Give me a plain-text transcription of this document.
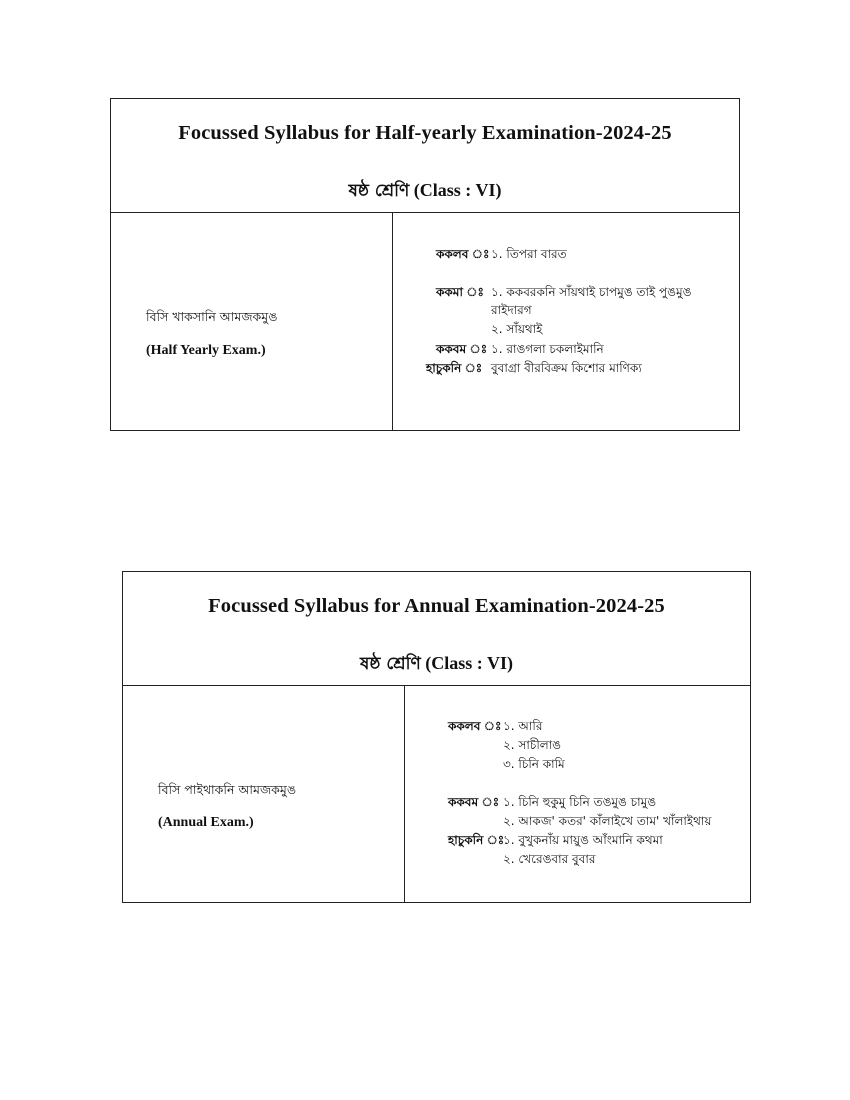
Focussed Syllabus for Half-yearly Examination-2024-25
ষষ্ঠ শ্রেণি (Class : VI)
বিসি খাকসানি আমজকমুঙ
(Half Yearly Exam.)
ককলব ঃ ১. তিপরা বারত
ককমা ঃ ১. ককবরকনি সাঁয়থাই চাপমুঙ তাই পুঙমুঙ
রাইদারগ
২. সাঁয়থাই
ককবম ঃ ১. রাঙগলা চকলাইমানি
হাচুকনি ঃ বুবাগ্রা বীরবিক্রম কিশোর মাণিক্য
Focussed Syllabus for Annual Examination-2024-25
ষষ্ঠ শ্রেণি (Class : VI)
বিসি পাইথাকনি আমজকমুঙ
(Annual Exam.)
ককলব ঃ ১. আরি
২. সাচীলাঙ
৩. চিনি কামি
ককবম ঃ ১. চিনি হুকুমু চিনি তঙমুঙ চামুঙ
২. আকজ' কতর' কাঁলাইখে তাম' খাঁলাইথায়
হাচুকনি ঃ
১. বুখুকনাঁয় মায়ুঙ আঁংমানি কথমা
২. খেরেঙবার বুবার
